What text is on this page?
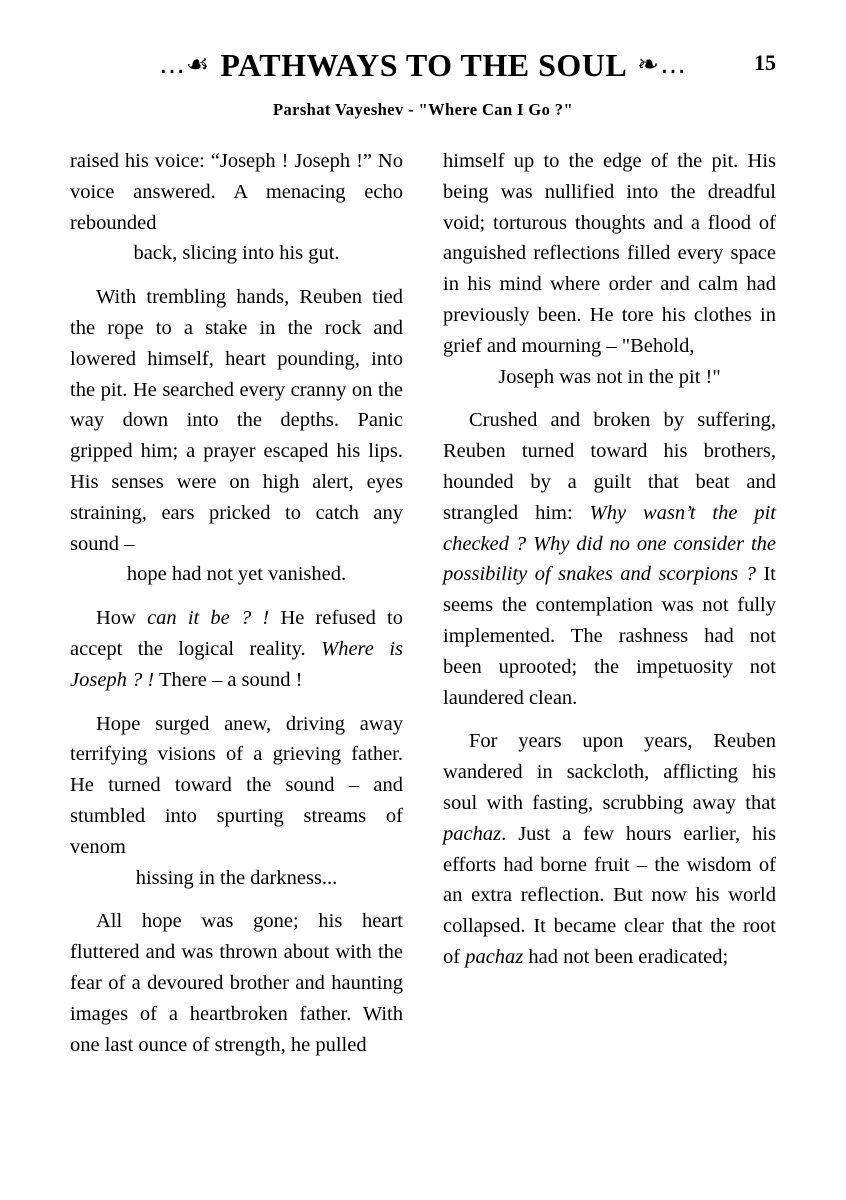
…☙ PATHWAYS TO THE SOUL ❧…	15
Parshat Vayeshev - "Where Can I Go ?"

raised his voice: “Joseph ! Joseph !” No voice answered. A menacing echo rebounded
back, slicing into his gut.

With trembling hands, Reuben tied the rope to a stake in the rock and lowered himself, heart pounding, into the pit. He searched every cranny on the way down into the depths. Panic gripped him; a prayer escaped his lips. His senses were on high alert, eyes straining, ears pricked to catch any sound –
hope had not yet vanished.

How can it be ? ! He refused to accept the logical reality. Where is Joseph ? ! There – a sound !

Hope surged anew, driving away terrifying visions of a grieving father. He turned toward the sound – and stumbled into spurting streams of venom
hissing in the darkness...

All hope was gone; his heart fluttered and was thrown about with the fear of a devoured brother and haunting images of a heartbroken father. With one last ounce of strength, he pulled

himself up to the edge of the pit. His being was nullified into the dreadful void; torturous thoughts and a flood of anguished reflections filled every space in his mind where order and calm had previously been. He tore his clothes in grief and mourning – "Behold,
Joseph was not in the pit !"

Crushed and broken by suffering, Reuben turned toward his brothers, hounded by a guilt that beat and strangled him: Why wasn’t the pit checked ? Why did no one consider the possibility of snakes and scorpions ? It seems the contemplation was not fully implemented. The rashness had not been uprooted; the impetuosity not laundered clean.

For years upon years, Reuben wandered in sackcloth, afflicting his soul with fasting, scrubbing away that pachaz. Just a few hours earlier, his efforts had borne fruit – the wisdom of an extra reflection. But now his world collapsed. It became clear that the root of pachaz had not been eradicated;
